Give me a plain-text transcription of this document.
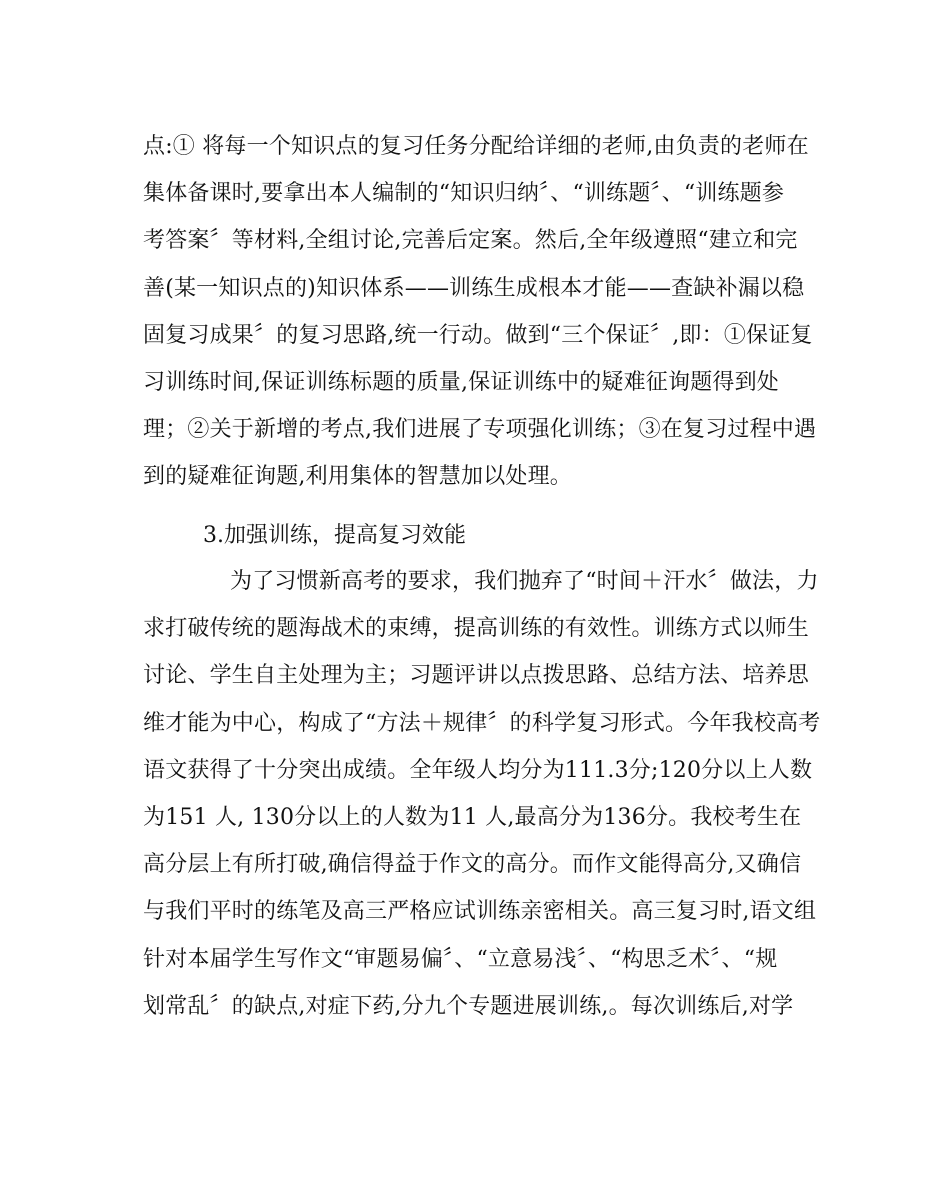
点:① 将每一个知识点的复习任务分配给详细的老师,由负责的老师在
集体备课时,要拿出本人编制的“知识归纳〞、“训练题〞、“训练题参
考答案〞等材料,全组讨论,完善后定案。然后,全年级遵照“建立和完
善(某一知识点的)知识体系——训练生成根本才能——查缺补漏以稳
固复习成果〞的复习思路,统一行动。做到“三个保证〞,即：①保证复
习训练时间,保证训练标题的质量,保证训练中的疑难征询题得到处
理；②关于新增的考点,我们进展了专项强化训练；③在复习过程中遇
到的疑难征询题,利用集体的智慧加以处理。
3.加强训练，提高复习效能
为了习惯新高考的要求，我们抛弃了“时间＋汗水〞做法，力
求打破传统的题海战术的束缚，提高训练的有效性。训练方式以师生
讨论、学生自主处理为主；习题评讲以点拨思路、总结方法、培养思
维才能为中心，构成了“方法＋规律〞的科学复习形式。今年我校高考
语文获得了十分突出成绩。全年级人均分为111.3分;120分以上人数
为151 人, 130分以上的人数为11 人,最高分为136分。我校考生在
高分层上有所打破,确信得益于作文的高分。而作文能得高分,又确信
与我们平时的练笔及高三严格应试训练亲密相关。高三复习时,语文组
针对本届学生写作文“审题易偏〞、“立意易浅〞、“构思乏术〞、“规
划常乱〞的缺点,对症下药,分九个专题进展训练,。每次训练后,对学
